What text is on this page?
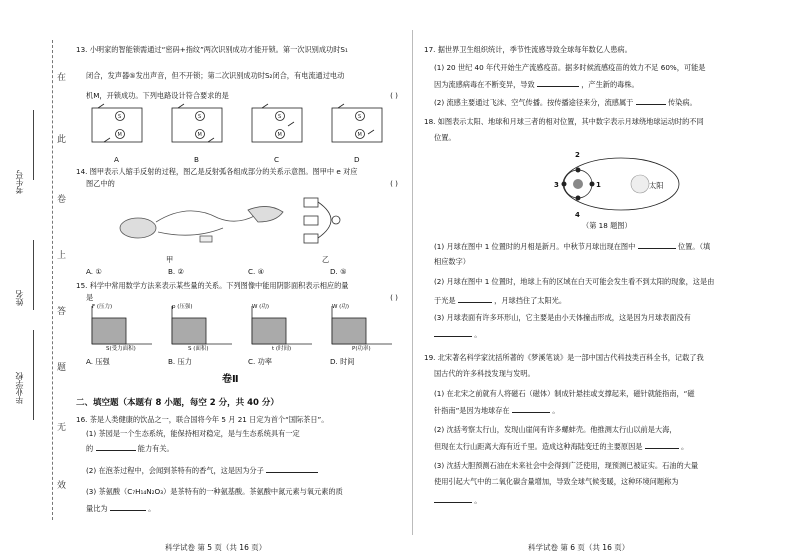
在
此
卷
上
答
题
无
效
考生号
姓名
毕业学校
13. 小明家的智能锁需通过“密码+指纹”两次识别成功才能开锁。第一次识别成功时S₁
闭合，发声器⑤发出声音，但不开锁；第二次识别成功时S₂闭合，有电流通过电动
机M，开锁成功。下列电路设计符合要求的是	( )
S
M
S
M
S
M
S
M
A	B	C	D
14. 图甲表示人缩手反射的过程，图乙是反射弧各组成部分的关系示意图。图甲中 e 对应
图乙中的	( )
甲	乙
A. ①	B. ②	C. ④	D. ⑤
15. 科学中常用数学方法来表示某些量的关系。下列图像中能用阴影面积表示相应的量
是	( )
F (压力)	p (压强)	W (功)	W (功)
S(受力面积)	S (面积)	t (时间)	P(功率)
A. 压强	B. 压力	C. 功率	D. 时间
卷Ⅱ
二、填空题（本题有 8 小题，每空 2 分，共 40 分）
16. 茶是人类健康的饮品之一，联合国将今年 5 月 21 日定为首个“国际茶日”。
(1) 茶园是一个生态系统，能保持相对稳定，是与生态系统具有一定
的	能力有关。
(2) 在泡茶过程中，会闻到茶特有的香气，这是因为分子
(3) 茶氨酸（C₇H₁₄N₂O₃）是茶特有的一种氨基酸。茶氨酸中氮元素与氧元素的质
量比为	。
科学试卷 第 5 页（共 16 页）
17. 据世界卫生组织统计，季节性流感导致全球每年数亿人患病。
(1) 20 世纪 40 年代开始生产流感疫苗。据多时候流感疫苗的效力不足 60%，可能是
因为流感病毒在不断变异，导致	，产生新的毒株。
(2) 流感主要通过飞沫、空气传播。按传播途径来分，流感属于	传染病。
18. 如图表示太阳、地球和月球三者的相对位置，其中数字表示月球绕地球运动时的不同
位置。
2
1
3
4
太阳
（第 18 题图）
(1) 月球在图中 1 位置时的月相是新月。中秋节月球出现在图中	位置。（填
相应数字）
(2) 月球在图中 1 位置时，地球上有的区域在白天可能会发生看不到太阳的现象，这是由
于光是	，月球挡住了太阳光。
(3) 月球表面有许多环形山，它主要是由小天体撞击形成，这是因为月球表面没有
。
19. 北宋著名科学家沈括所著的《梦溪笔谈》是一部中国古代科技类百科全书，记载了我
国古代的许多科技发现与发明。
(1) 在北宋之前就有人将磁石（磁体）制成针悬挂或支撑起来，磁针就能指南，“磁
针指南”是因为地球存在	。
(2) 沈括考察太行山，发现山崖间有许多螺蚌壳。他推测太行山以前是大海，
但现在太行山距离大海有近千里。造成这种海陆变迁的主要原因是	。
(3) 沈括大胆预测石油在未来社会中会得到广泛使用，现预测已被证实。石油的大量
使用引起大气中的二氧化碳含量增加，导致全球气候变暖，这种环境问题称为
。
科学试卷 第 6 页（共 16 页）
